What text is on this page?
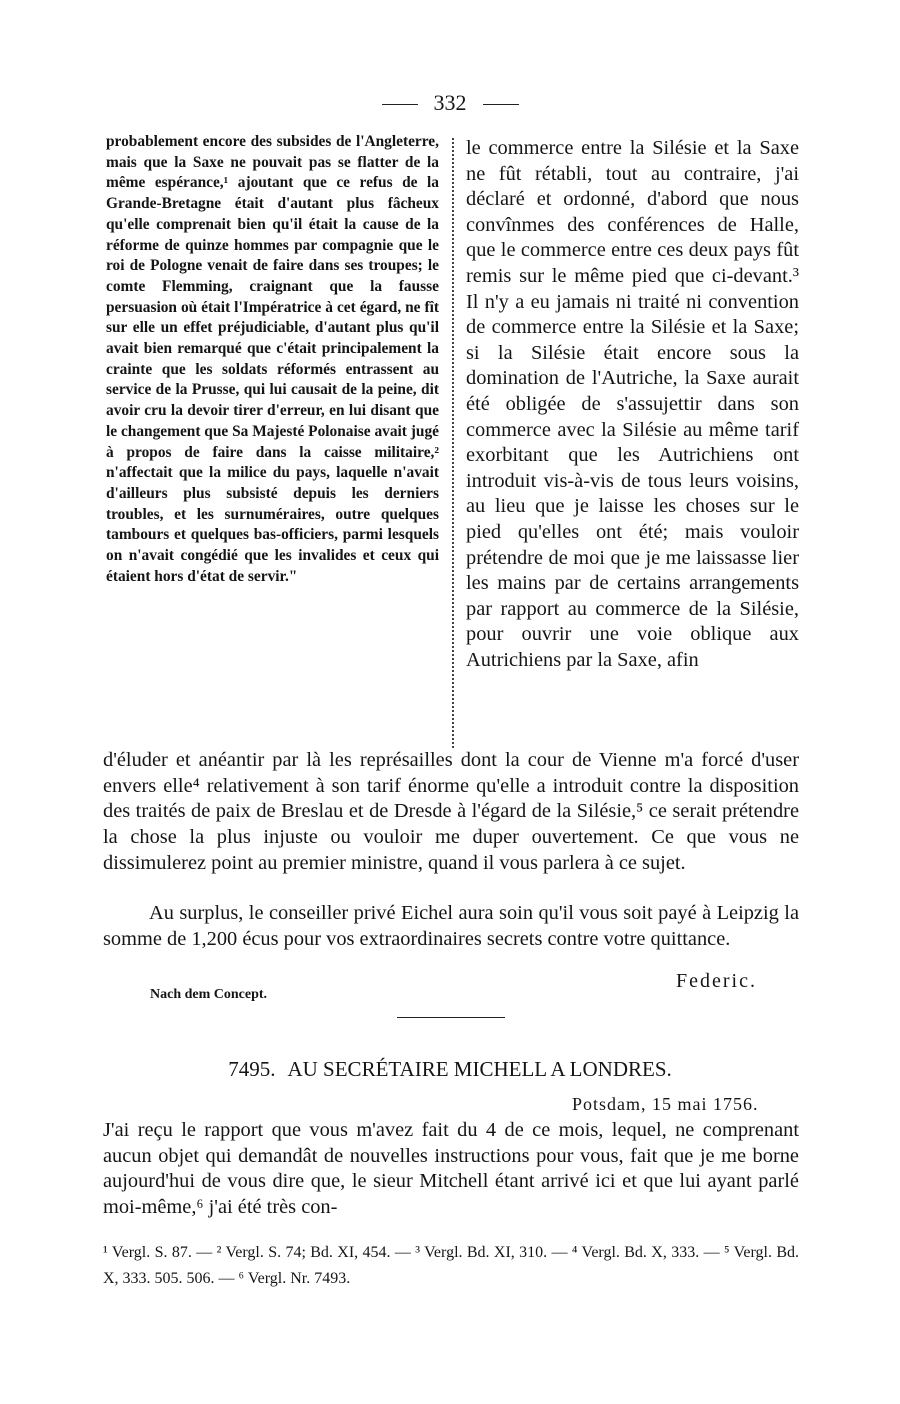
332
probablement encore des subsides de l'Angleterre, mais que la Saxe ne pouvait pas se flatter de la même espérance,¹ ajoutant que ce refus de la Grande-Bretagne était d'autant plus fâcheux qu'elle comprenait bien qu'il était la cause de la réforme de quinze hommes par compagnie que le roi de Pologne venait de faire dans ses troupes; le comte Flemming, craignant que la fausse persuasion où était l'Impératrice à cet égard, ne fît sur elle un effet préjudiciable, d'autant plus qu'il avait bien remarqué que c'était principalement la crainte que les soldats réformés entrassent au service de la Prusse, qui lui causait de la peine, dit avoir cru la devoir tirer d'erreur, en lui disant que le changement que Sa Majesté Polonaise avait jugé à propos de faire dans la caisse militaire,² n'affectait que la milice du pays, laquelle n'avait d'ailleurs plus subsisté depuis les derniers troubles, et les surnuméraires, outre quelques tambours et quelques bas-officiers, parmi lesquels on n'avait congédié que les invalides et ceux qui étaient hors d'état de servir."
le commerce entre la Silésie et la Saxe ne fût rétabli, tout au contraire, j'ai déclaré et ordonné, d'abord que nous convînmes des conférences de Halle, que le commerce entre ces deux pays fût remis sur le même pied que ci-devant.³ Il n'y a eu jamais ni traité ni convention de commerce entre la Silésie et la Saxe; si la Silésie était encore sous la domination de l'Autriche, la Saxe aurait été obligée de s'assujettir dans son commerce avec la Silésie au même tarif exorbitant que les Autrichiens ont introduit vis-à-vis de tous leurs voisins, au lieu que je laisse les choses sur le pied qu'elles ont été; mais vouloir prétendre de moi que je me laissasse lier les mains par de certains arrangements par rapport au commerce de la Silésie, pour ouvrir une voie oblique aux Autrichiens par la Saxe, afin
d'éluder et anéantir par là les représailles dont la cour de Vienne m'a forcé d'user envers elle⁴ relativement à son tarif énorme qu'elle a introduit contre la disposition des traités de paix de Breslau et de Dresde à l'égard de la Silésie,⁵ ce serait prétendre la chose la plus injuste ou vouloir me duper ouvertement. Ce que vous ne dissimulerez point au premier ministre, quand il vous parlera à ce sujet.
Au surplus, le conseiller privé Eichel aura soin qu'il vous soit payé à Leipzig la somme de 1,200 écus pour vos extraordinaires secrets contre votre quittance.
Nach dem Concept.
Federic.
7495. AU SECRÉTAIRE MICHELL A LONDRES.
Potsdam, 15 mai 1756.
J'ai reçu le rapport que vous m'avez fait du 4 de ce mois, lequel, ne comprenant aucun objet qui demandât de nouvelles instructions pour vous, fait que je me borne aujourd'hui de vous dire que, le sieur Mitchell étant arrivé ici et que lui ayant parlé moi-même,⁶ j'ai été très con-
¹ Vergl. S. 87. — ² Vergl. S. 74; Bd. XI, 454. — ³ Vergl. Bd. XI, 310. — ⁴ Vergl. Bd. X, 333. — ⁵ Vergl. Bd. X, 333. 505. 506. — ⁶ Vergl. Nr. 7493.
